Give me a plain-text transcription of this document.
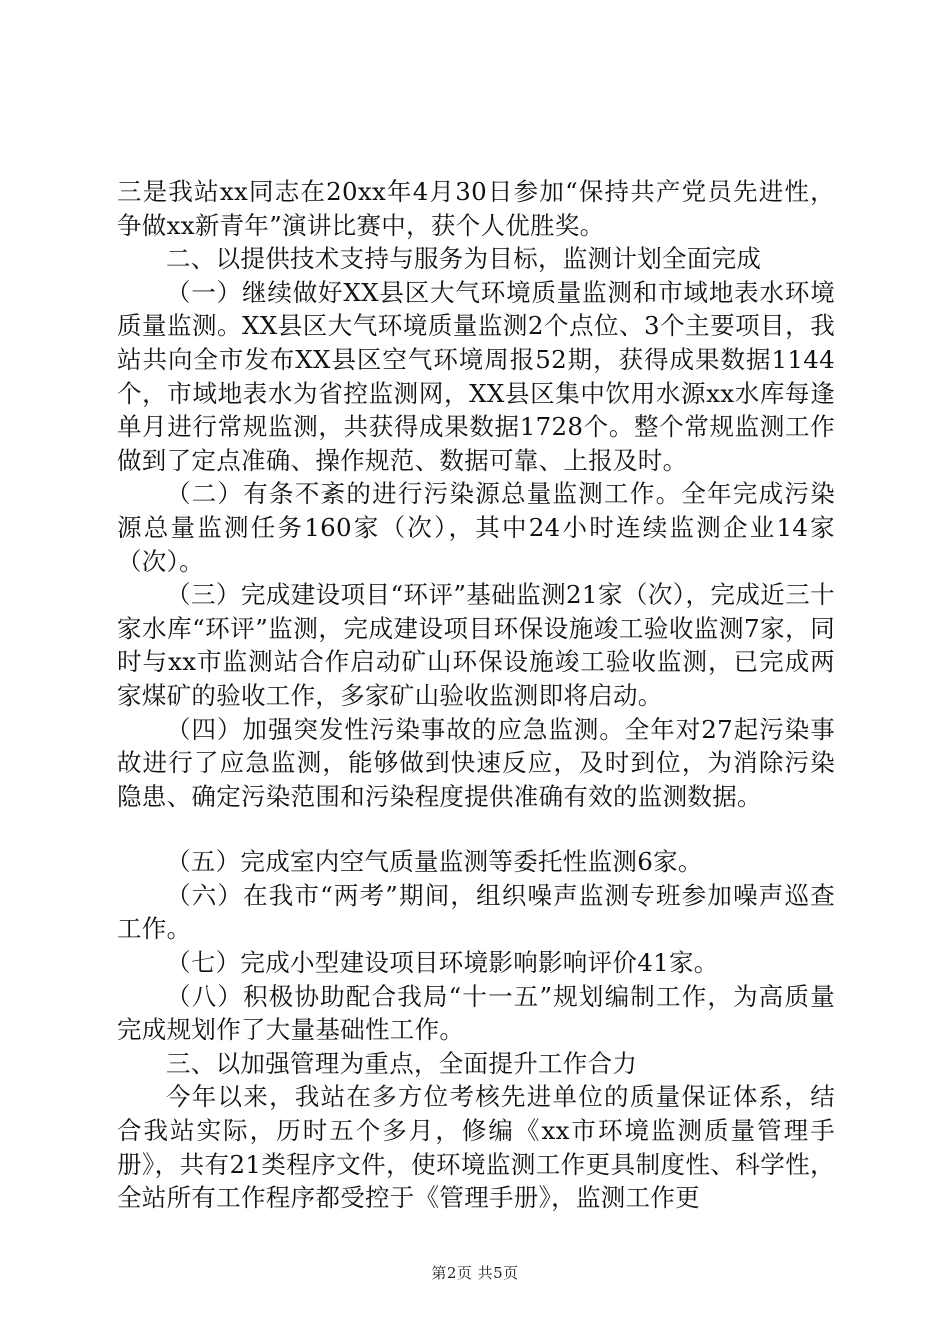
三是我站xx同志在20xx年4月30日参加“保持共产党员先进性，争做xx新青年”演讲比赛中，获个人优胜奖。

二、以提供技术支持与服务为目标，监测计划全面完成

（一）继续做好XX县区大气环境质量监测和市域地表水环境质量监测。XX县区大气环境质量监测2个点位、3个主要项目，我站共向全市发布XX县区空气环境周报52期，获得成果数据1144个，市域地表水为省控监测网，XX县区集中饮用水源xx水库每逢单月进行常规监测，共获得成果数据1728个。整个常规监测工作做到了定点准确、操作规范、数据可靠、上报及时。

（二）有条不紊的进行污染源总量监测工作。全年完成污染源总量监测任务160家（次），其中24小时连续监测企业14家（次）。

（三）完成建设项目“环评”基础监测21家（次），完成近三十家水库“环评”监测，完成建设项目环保设施竣工验收监测7家，同时与xx市监测站合作启动矿山环保设施竣工验收监测，已完成两家煤矿的验收工作，多家矿山验收监测即将启动。

（四）加强突发性污染事故的应急监测。全年对27起污染事故进行了应急监测，能够做到快速反应，及时到位，为消除污染隐患、确定污染范围和污染程度提供准确有效的监测数据。

（五）完成室内空气质量监测等委托性监测6家。

（六）在我市“两考”期间，组织噪声监测专班参加噪声巡查工作。

（七）完成小型建设项目环境影响影响评价41家。

（八）积极协助配合我局“十一五”规划编制工作，为高质量完成规划作了大量基础性工作。

三、以加强管理为重点，全面提升工作合力

今年以来，我站在多方位考核先进单位的质量保证体系，结合我站实际，历时五个多月，修编《xx市环境监测质量管理手册》，共有21类程序文件，使环境监测工作更具制度性、科学性，全站所有工作程序都受控于《管理手册》，监测工作更

第2页 共5页
